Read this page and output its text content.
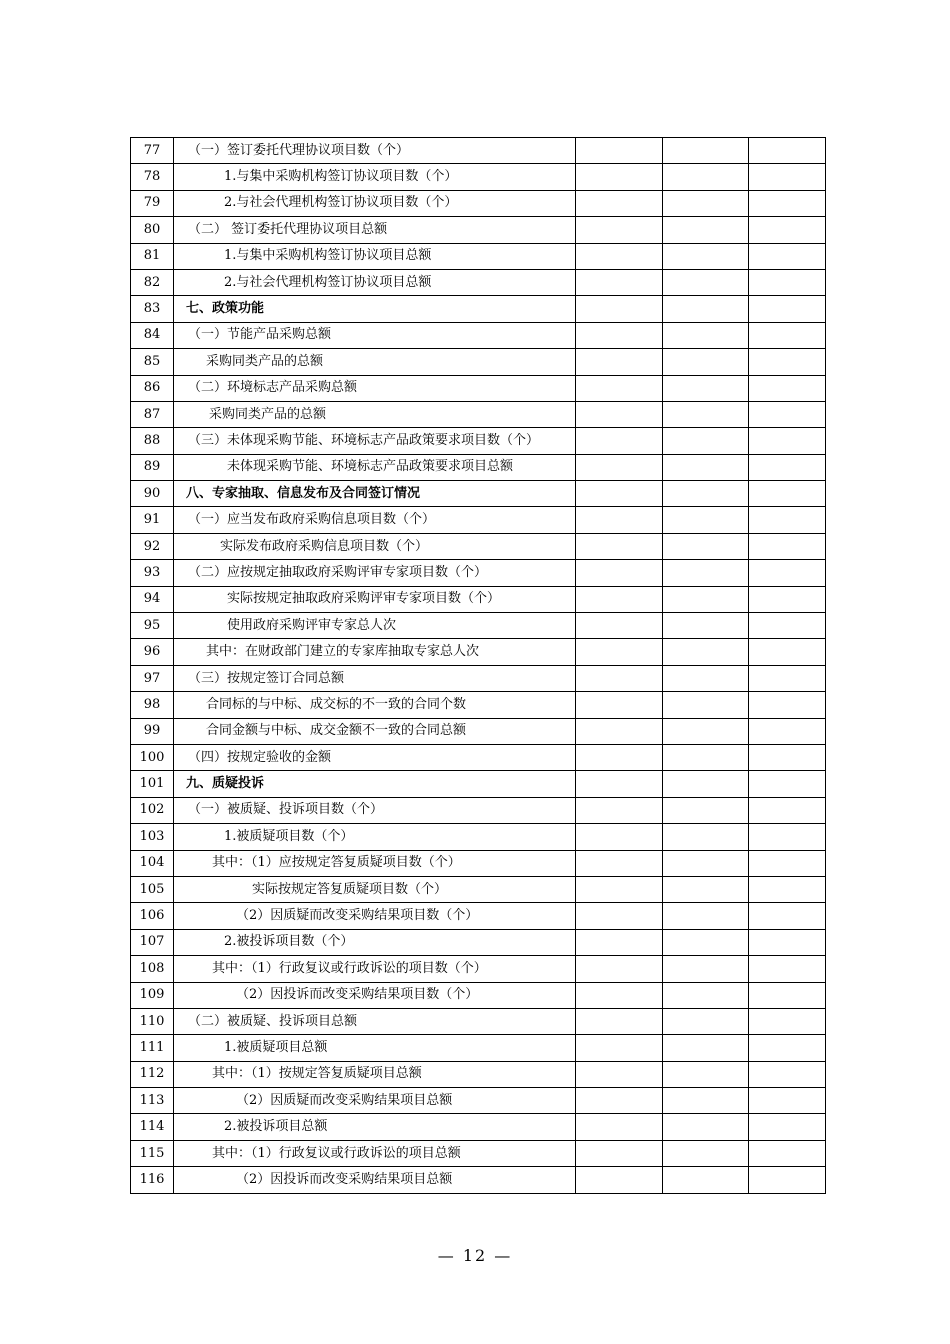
77	（一）签订委托代理协议项目数（个）			
78	1.与集中采购机构签订协议项目数（个）			
79	2.与社会代理机构签订协议项目数（个）			
80	（二） 签订委托代理协议项目总额			
81	1.与集中采购机构签订协议项目总额			
82	2.与社会代理机构签订协议项目总额			
83	七、政策功能			
84	（一）节能产品采购总额			
85	采购同类产品的总额			
86	（二）环境标志产品采购总额			
87	采购同类产品的总额			
88	（三）未体现采购节能、环境标志产品政策要求项目数（个）			
89	未体现采购节能、环境标志产品政策要求项目总额			
90	八、专家抽取、信息发布及合同签订情况			
91	（一）应当发布政府采购信息项目数（个）			
92	实际发布政府采购信息项目数（个）			
93	（二）应按规定抽取政府采购评审专家项目数（个）			
94	实际按规定抽取政府采购评审专家项目数（个）			
95	使用政府采购评审专家总人次			
96	其中：在财政部门建立的专家库抽取专家总人次			
97	（三）按规定签订合同总额			
98	合同标的与中标、成交标的不一致的合同个数			
99	合同金额与中标、成交金额不一致的合同总额			
100	（四）按规定验收的金额			
101	九、质疑投诉			
102	（一）被质疑、投诉项目数（个）			
103	1.被质疑项目数（个）			
104	其中：（1）应按规定答复质疑项目数（个）			
105	实际按规定答复质疑项目数（个）			
106	（2）因质疑而改变采购结果项目数（个）			
107	2.被投诉项目数（个）			
108	其中：（1）行政复议或行政诉讼的项目数（个）			
109	（2）因投诉而改变采购结果项目数（个）			
110	（二）被质疑、投诉项目总额			
111	1.被质疑项目总额			
112	其中：（1）按规定答复质疑项目总额			
113	（2）因质疑而改变采购结果项目总额			
114	2.被投诉项目总额			
115	其中：（1）行政复议或行政诉讼的项目总额			
116	（2）因投诉而改变采购结果项目总额			
— 12 —
